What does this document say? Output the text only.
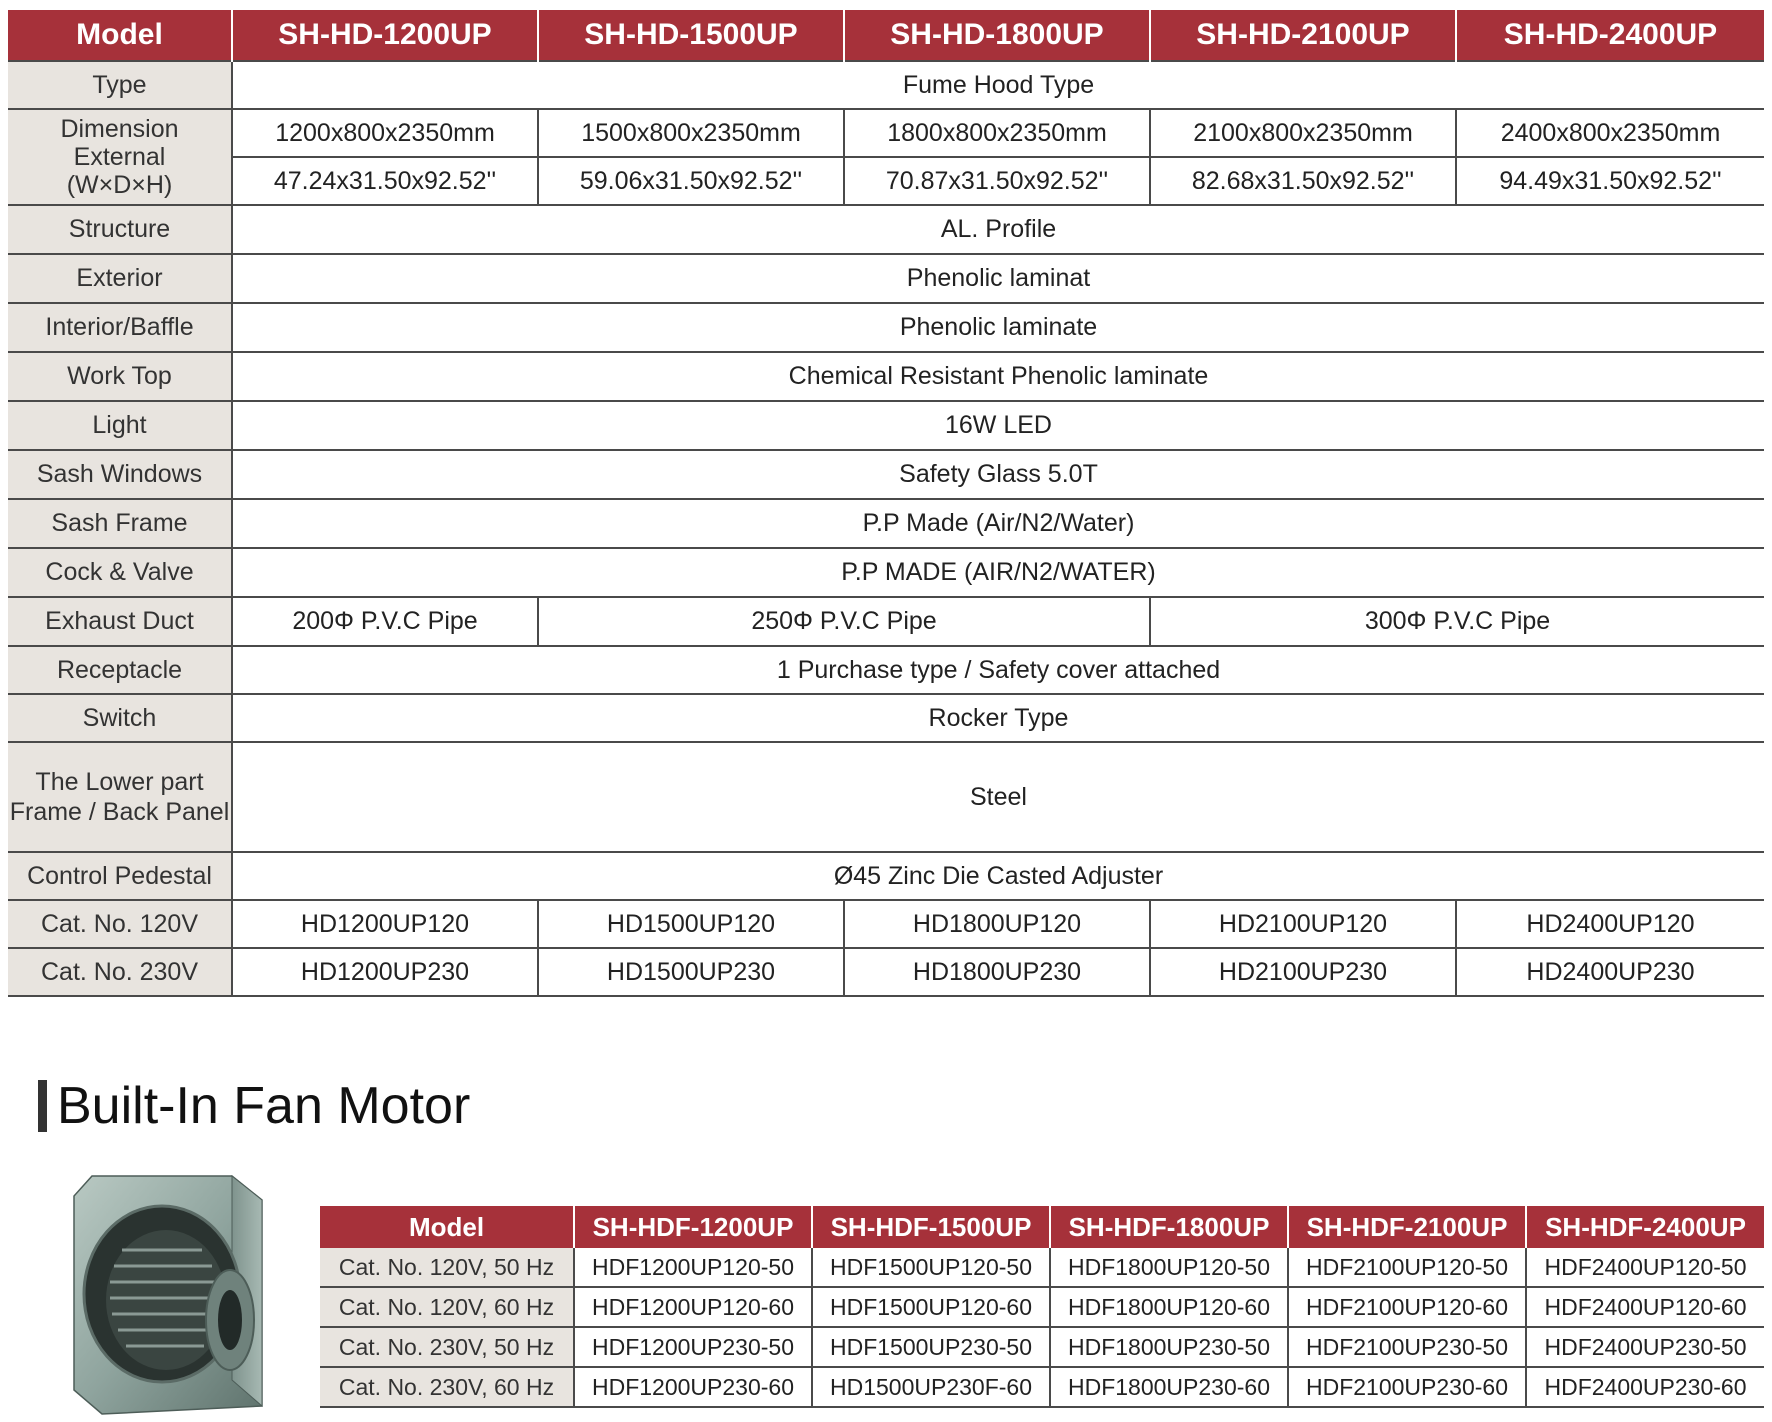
Model	SH-HD-1200UP	SH-HD-1500UP	SH-HD-1800UP	SH-HD-2100UP	SH-HD-2400UP
Type	Fume Hood Type				

Dimension
External
(W×D×H)	1200x800x2350mm	1500x800x2350mm	1800x800x2350mm	2100x800x2350mm	2400x800x2350mm
	47.24x31.50x92.52''	59.06x31.50x92.52''	70.87x31.50x92.52''	82.68x31.50x92.52''	94.49x31.50x92.52''
Structure	AL. Profile				
Exterior	Phenolic laminat				
Interior/Baffle	Phenolic laminate				
Work Top	Chemical Resistant Phenolic laminate				
Light	16W LED				
Sash Windows	Safety Glass 5.0T				
Sash Frame	P.P Made (Air/N2/Water)				
Cock & Valve	P.P MADE (AIR/N2/WATER)				
Exhaust Duct	200Φ P.V.C Pipe	250Φ P.V.C Pipe		300Φ P.V.C Pipe	
Receptacle	1 Purchase type / Safety cover attached				
Switch	Rocker Type				

The Lower part
Frame / Back Panel	Steel				
Control Pedestal	Ø45 Zinc Die Casted Adjuster				
Cat. No. 120V	HD1200UP120	HD1500UP120	HD1800UP120	HD2100UP120	HD2400UP120
Cat. No. 230V	HD1200UP230	HD1500UP230	HD1800UP230	HD2100UP230	HD2400UP230
Built-In Fan Motor
Model	SH-HDF-1200UP	SH-HDF-1500UP	SH-HDF-1800UP	SH-HDF-2100UP	SH-HDF-2400UP
Cat. No. 120V, 50 Hz	HDF1200UP120-50	HDF1500UP120-50	HDF1800UP120-50	HDF2100UP120-50	HDF2400UP120-50
Cat. No. 120V, 60 Hz	HDF1200UP120-60	HDF1500UP120-60	HDF1800UP120-60	HDF2100UP120-60	HDF2400UP120-60
Cat. No. 230V, 50 Hz	HDF1200UP230-50	HDF1500UP230-50	HDF1800UP230-50	HDF2100UP230-50	HDF2400UP230-50
Cat. No. 230V, 60 Hz	HDF1200UP230-60	HD1500UP230F-60	HDF1800UP230-60	HDF2100UP230-60	HDF2400UP230-60
